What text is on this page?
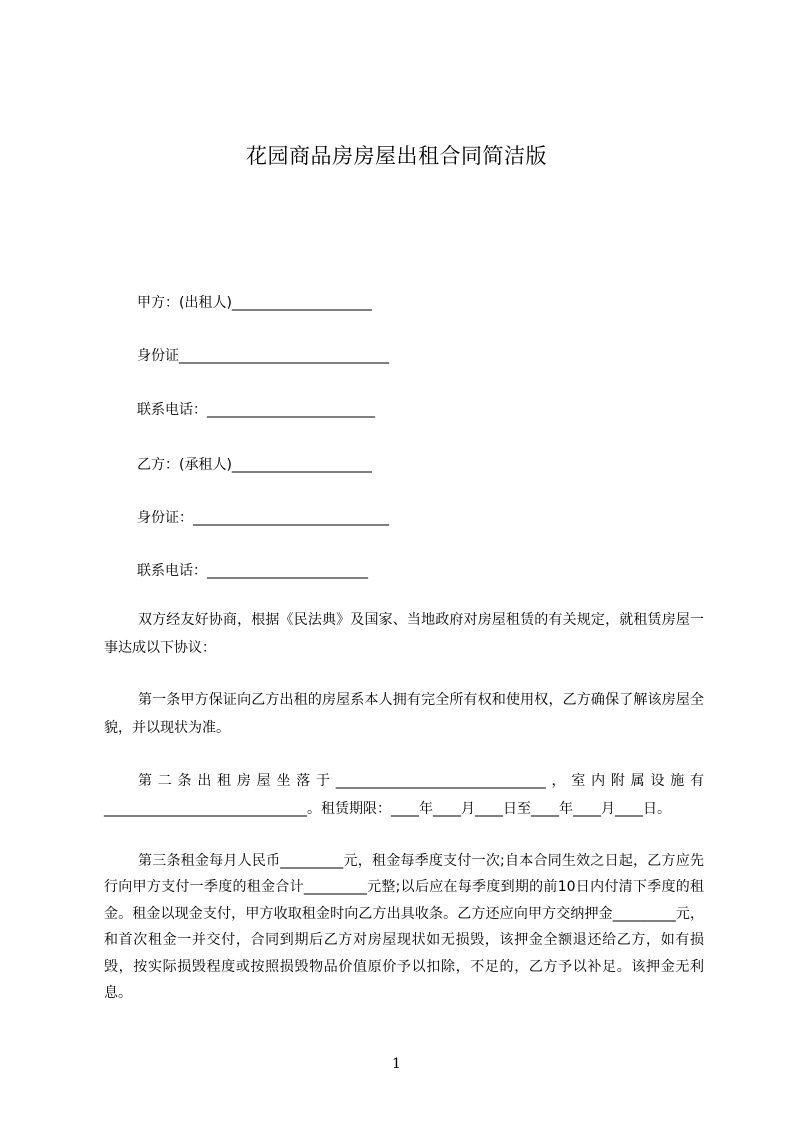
花园商品房房屋出租合同简洁版
甲方：(出租人)____________________
身份证______________________________
联系电话：________________________
乙方：(承租人)____________________
身份证：____________________________
联系电话：_______________________
双方经友好协商，根据《民法典》及国家、当地政府对房屋租赁的有关规定，就租赁房屋一事达成以下协议：
第一条甲方保证向乙方出租的房屋系本人拥有完全所有权和使用权，乙方确保了解该房屋全貌，并以现状为准。
第二条出租房屋坐落于______________________________，室内附属设施有_____________________________。租赁期限：____年____月____日至____年____月____日。
第三条租金每月人民币_________元，租金每季度支付一次;自本合同生效之日起，乙方应先行向甲方支付一季度的租金合计_________元整;以后应在每季度到期的前10日内付清下季度的租金。租金以现金支付，甲方收取租金时向乙方出具收条。乙方还应向甲方交纳押金_________元，和首次租金一并交付，合同到期后乙方对房屋现状如无损毁，该押金全额退还给乙方，如有损毁，按实际损毁程度或按照损毁物品价值原价予以扣除，不足的，乙方予以补足。该押金无利息。
1
